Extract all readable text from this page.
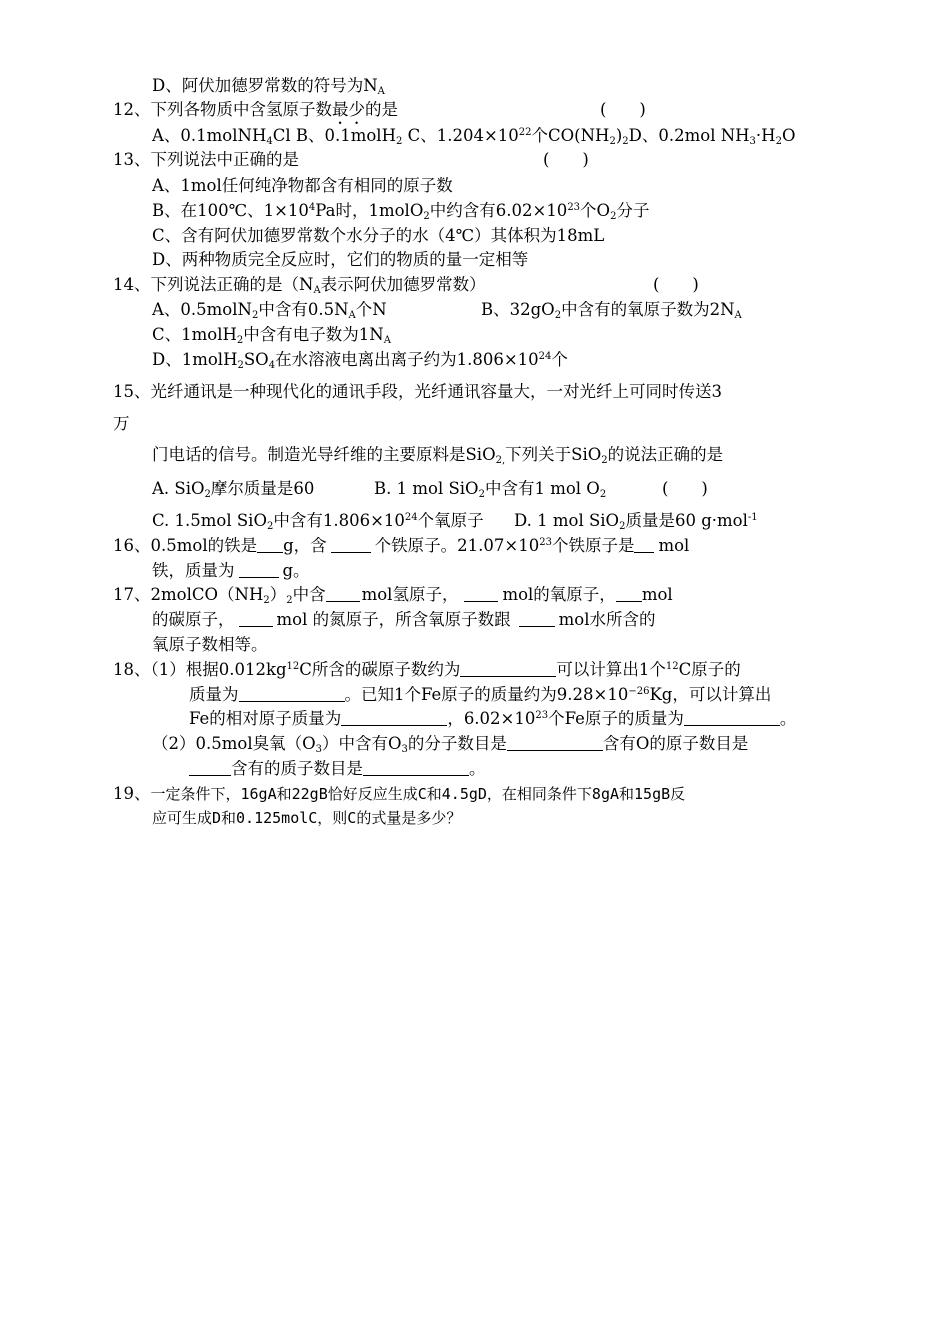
D、阿伏加德罗常数的符号为$N_A$
12、下列各物质中含氢原子数最少的是	(　　)
A、0.1molNH$_4$Cl B、0.1molH$_2$ C、$1.204\times 10^{22}$个$CO(NH_2)_2D$、0.2mol $NH_3\cdot H_2O$
13、下列说法中正确的是	(　　)
A、1mol任何纯净物都含有相同的原子数
B、在100℃、$1\times 10^4Pa$时，1molO$_2$中约含有$6.02\times 10^{23}$个$O_2$分子
C、含有阿伏加德罗常数个水分子的水（4℃）其体积为18mL
D、两种物质完全反应时，它们的物质的量一定相等
14、下列说法正确的是（$N_A$表示阿伏加德罗常数）	(　　)
A、0.5molN$_2$中含有$0.5N_A$个N	B、$32gO_2$中含有的氧原子数为$2N_A$
C、1molH$_2$中含有电子数为$1N_A$
D、$1molH_2SO_4$在水溶液电离出离子约为$1.806\times 10^{24}$个
15、光纤通讯是一种现代化的通讯手段，光纤通讯容量大，一对光纤上可同时传送3
万
门电话的信号。制造光导纤维的主要原料是SiO$_{2,}$下列关于SiO$_2$的说法正确的是
A. SiO$_2$摩尔质量是60	B. 1 mol SiO$_2$中含有1 mol $O_2$	(　　)
C. 1.5mol SiO$_2$中含有$1.806\times 10^{24}$个氧原子 D. 1 mol SiO$_2$质量是60 g·mol$^{-1}$
16、0.5mol的铁是 g，含	个铁原子。$21.07\times 10^{23}$个铁原子是 mol
铁，质量为	g。
17、$2molCO(NH_2)_2$中含 mol氢原子，	mol的氧原子， mol
的碳原子，	mol 的氮原子，所含氧原子数跟	mol水所含的
氧原子数相等。
18、（1）根据$0.012kg^{12}C$所含的碳原子数约为	可以计算出1个$^{12}$C原子的
质量为	。已知1个Fe原子的质量约为$9.28\times 10^{-26}Kg$，可以计算出
Fe的相对原子质量为	，$6.02\times 10^{23}$个Fe原子的质量为	。
（2）0.5mol臭氧$(O_3)$中含有$O_3$的分子数目是	含有O的原子数目是
含有的质子数目是	。
19、一定条件下，16gA和22gB恰好反应生成C和4.5gD，在相同条件下8gA和15gB反
应可生成D和0.125molC，则C的式量是多少？
